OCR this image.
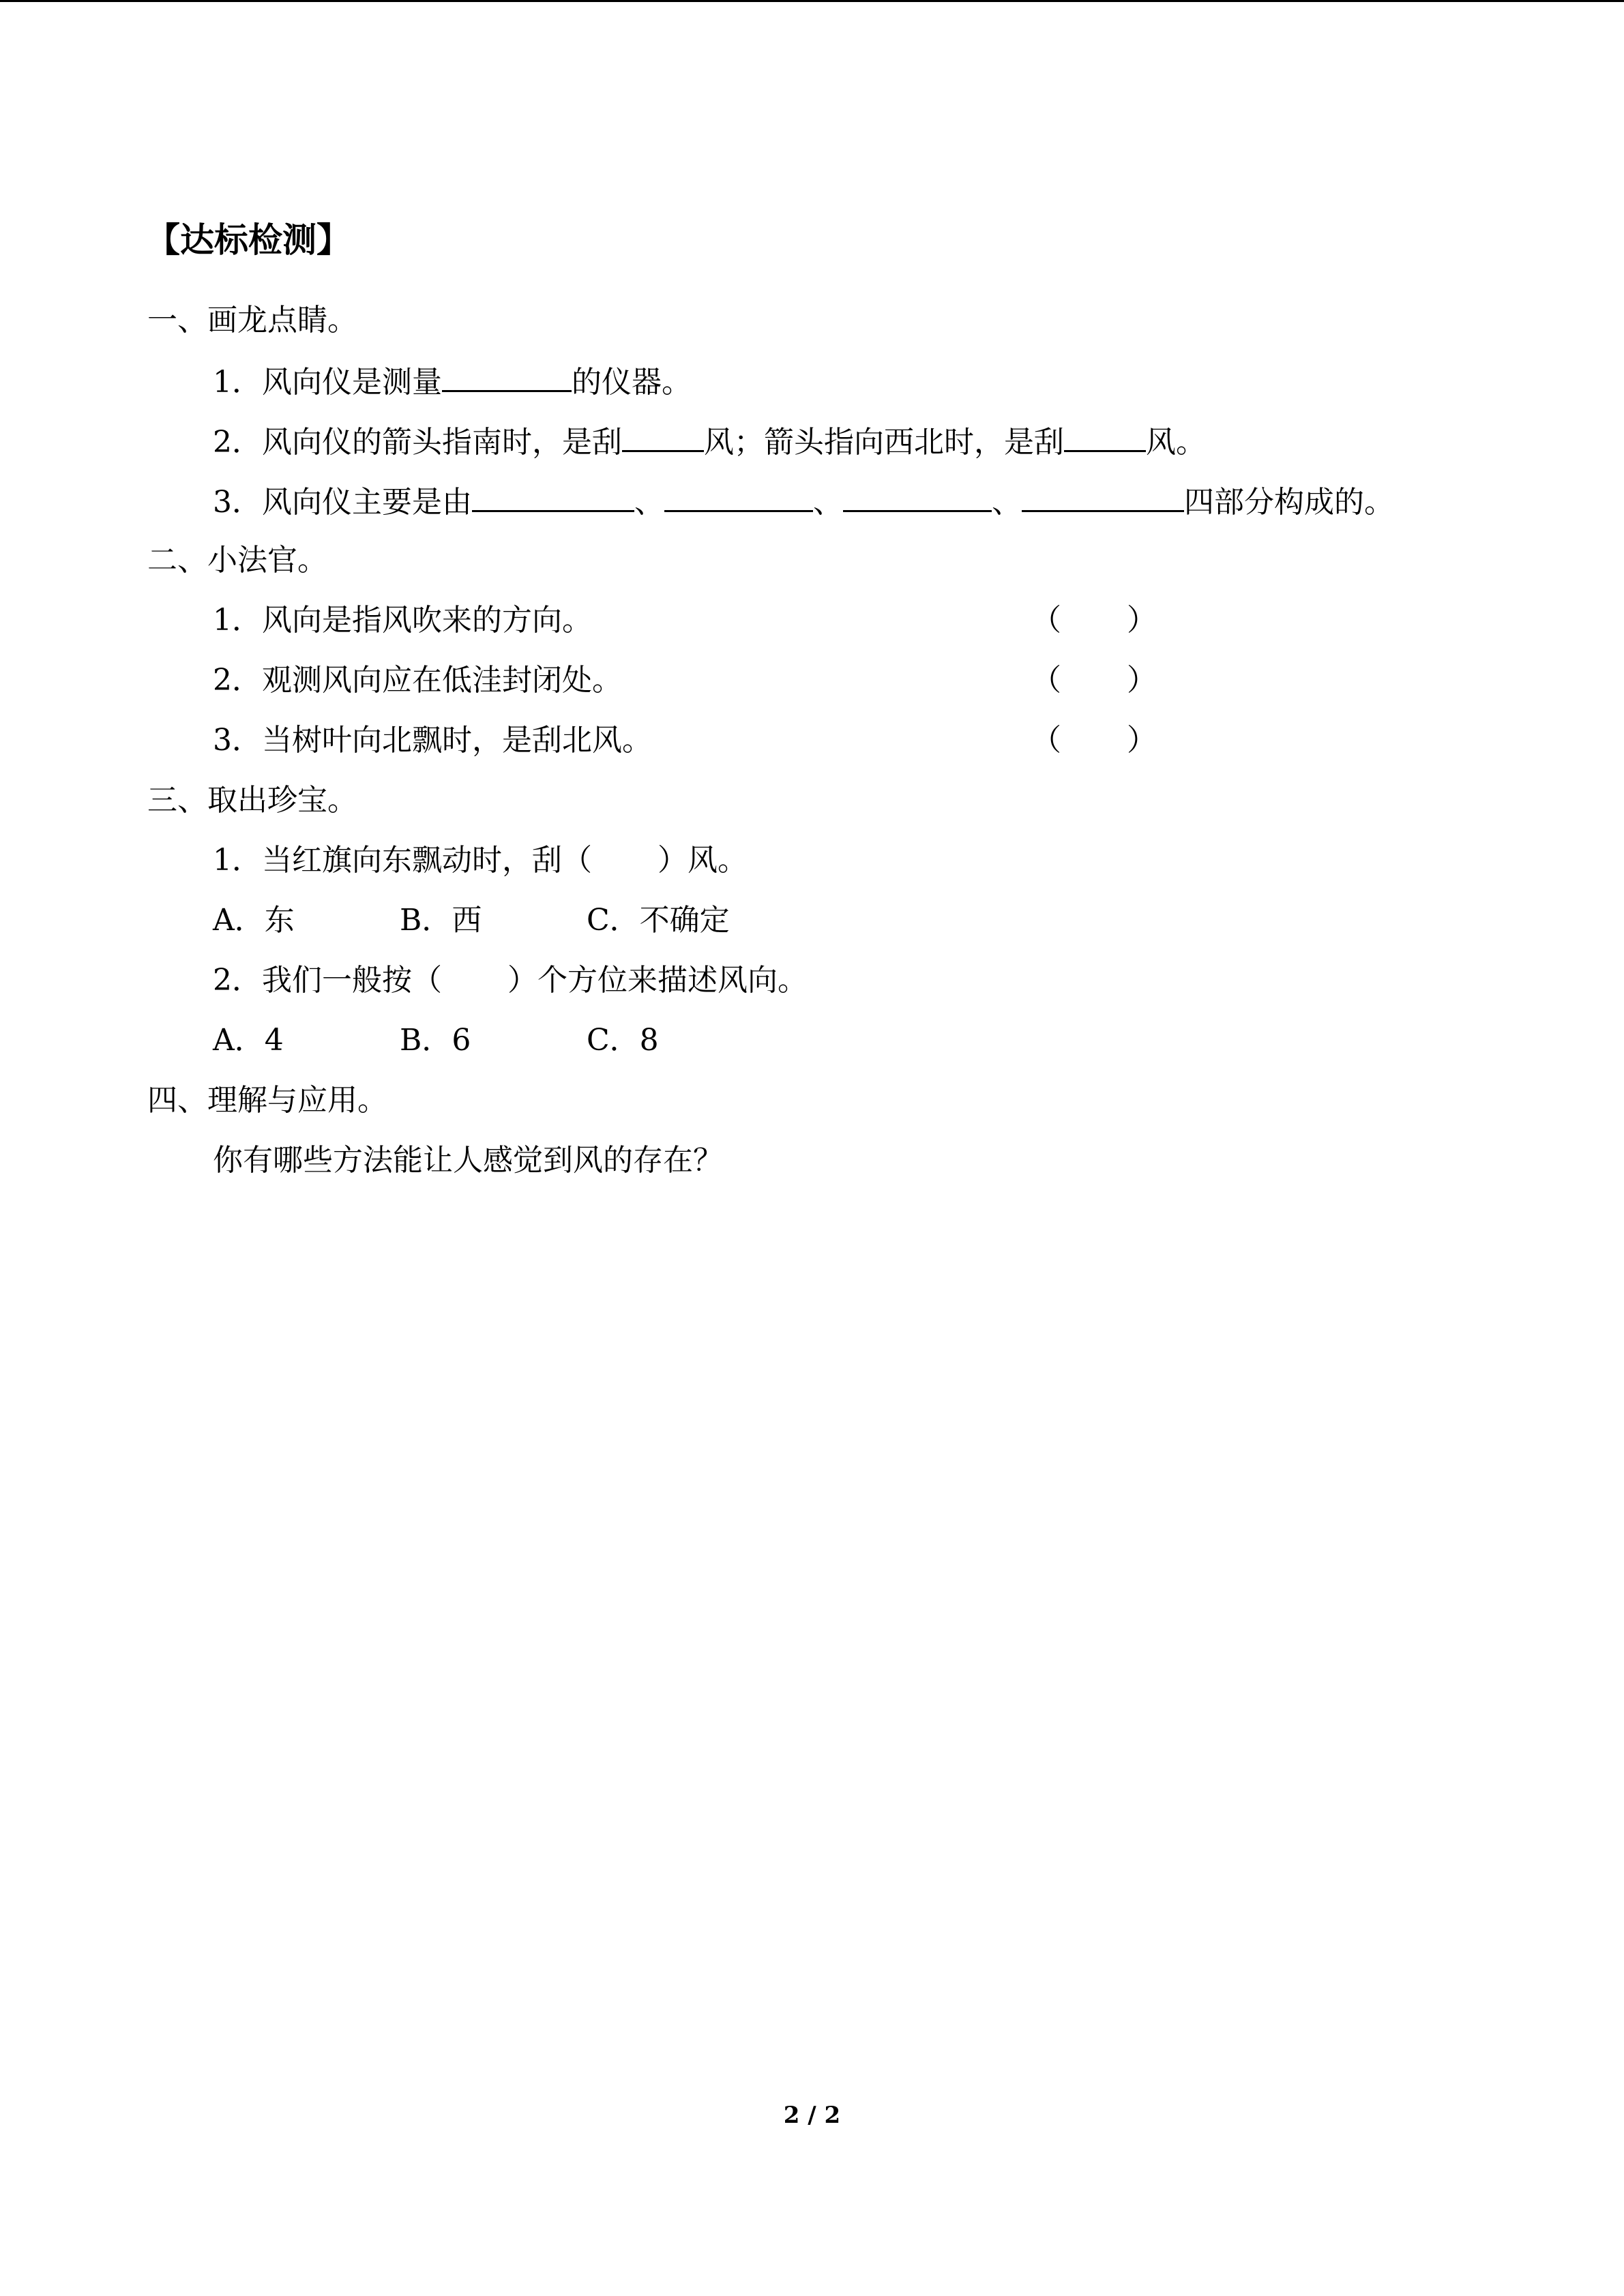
【达标检测】
一、画龙点睛。
1．风向仪是测量	的仪器。
2．风向仪的箭头指南时，是刮	风；箭头指向西北时，是刮	风。
3．风向仪主要是由	、	、	、	四部分构成的。
二、小法官。
1．风向是指风吹来的方向。	（ ）
2．观测风向应在低洼封闭处。	（ ）
3．当树叶向北飘时，是刮北风。	（ ）
三、取出珍宝。
1．当红旗向东飘动时，刮（ ）风。
A．东	B．西	C．不确定
2．我们一般按（ ）个方位来描述风向。
A．4	B．6	C．8
四、理解与应用。
你有哪些方法能让人感觉到风的存在？
2 / 2
